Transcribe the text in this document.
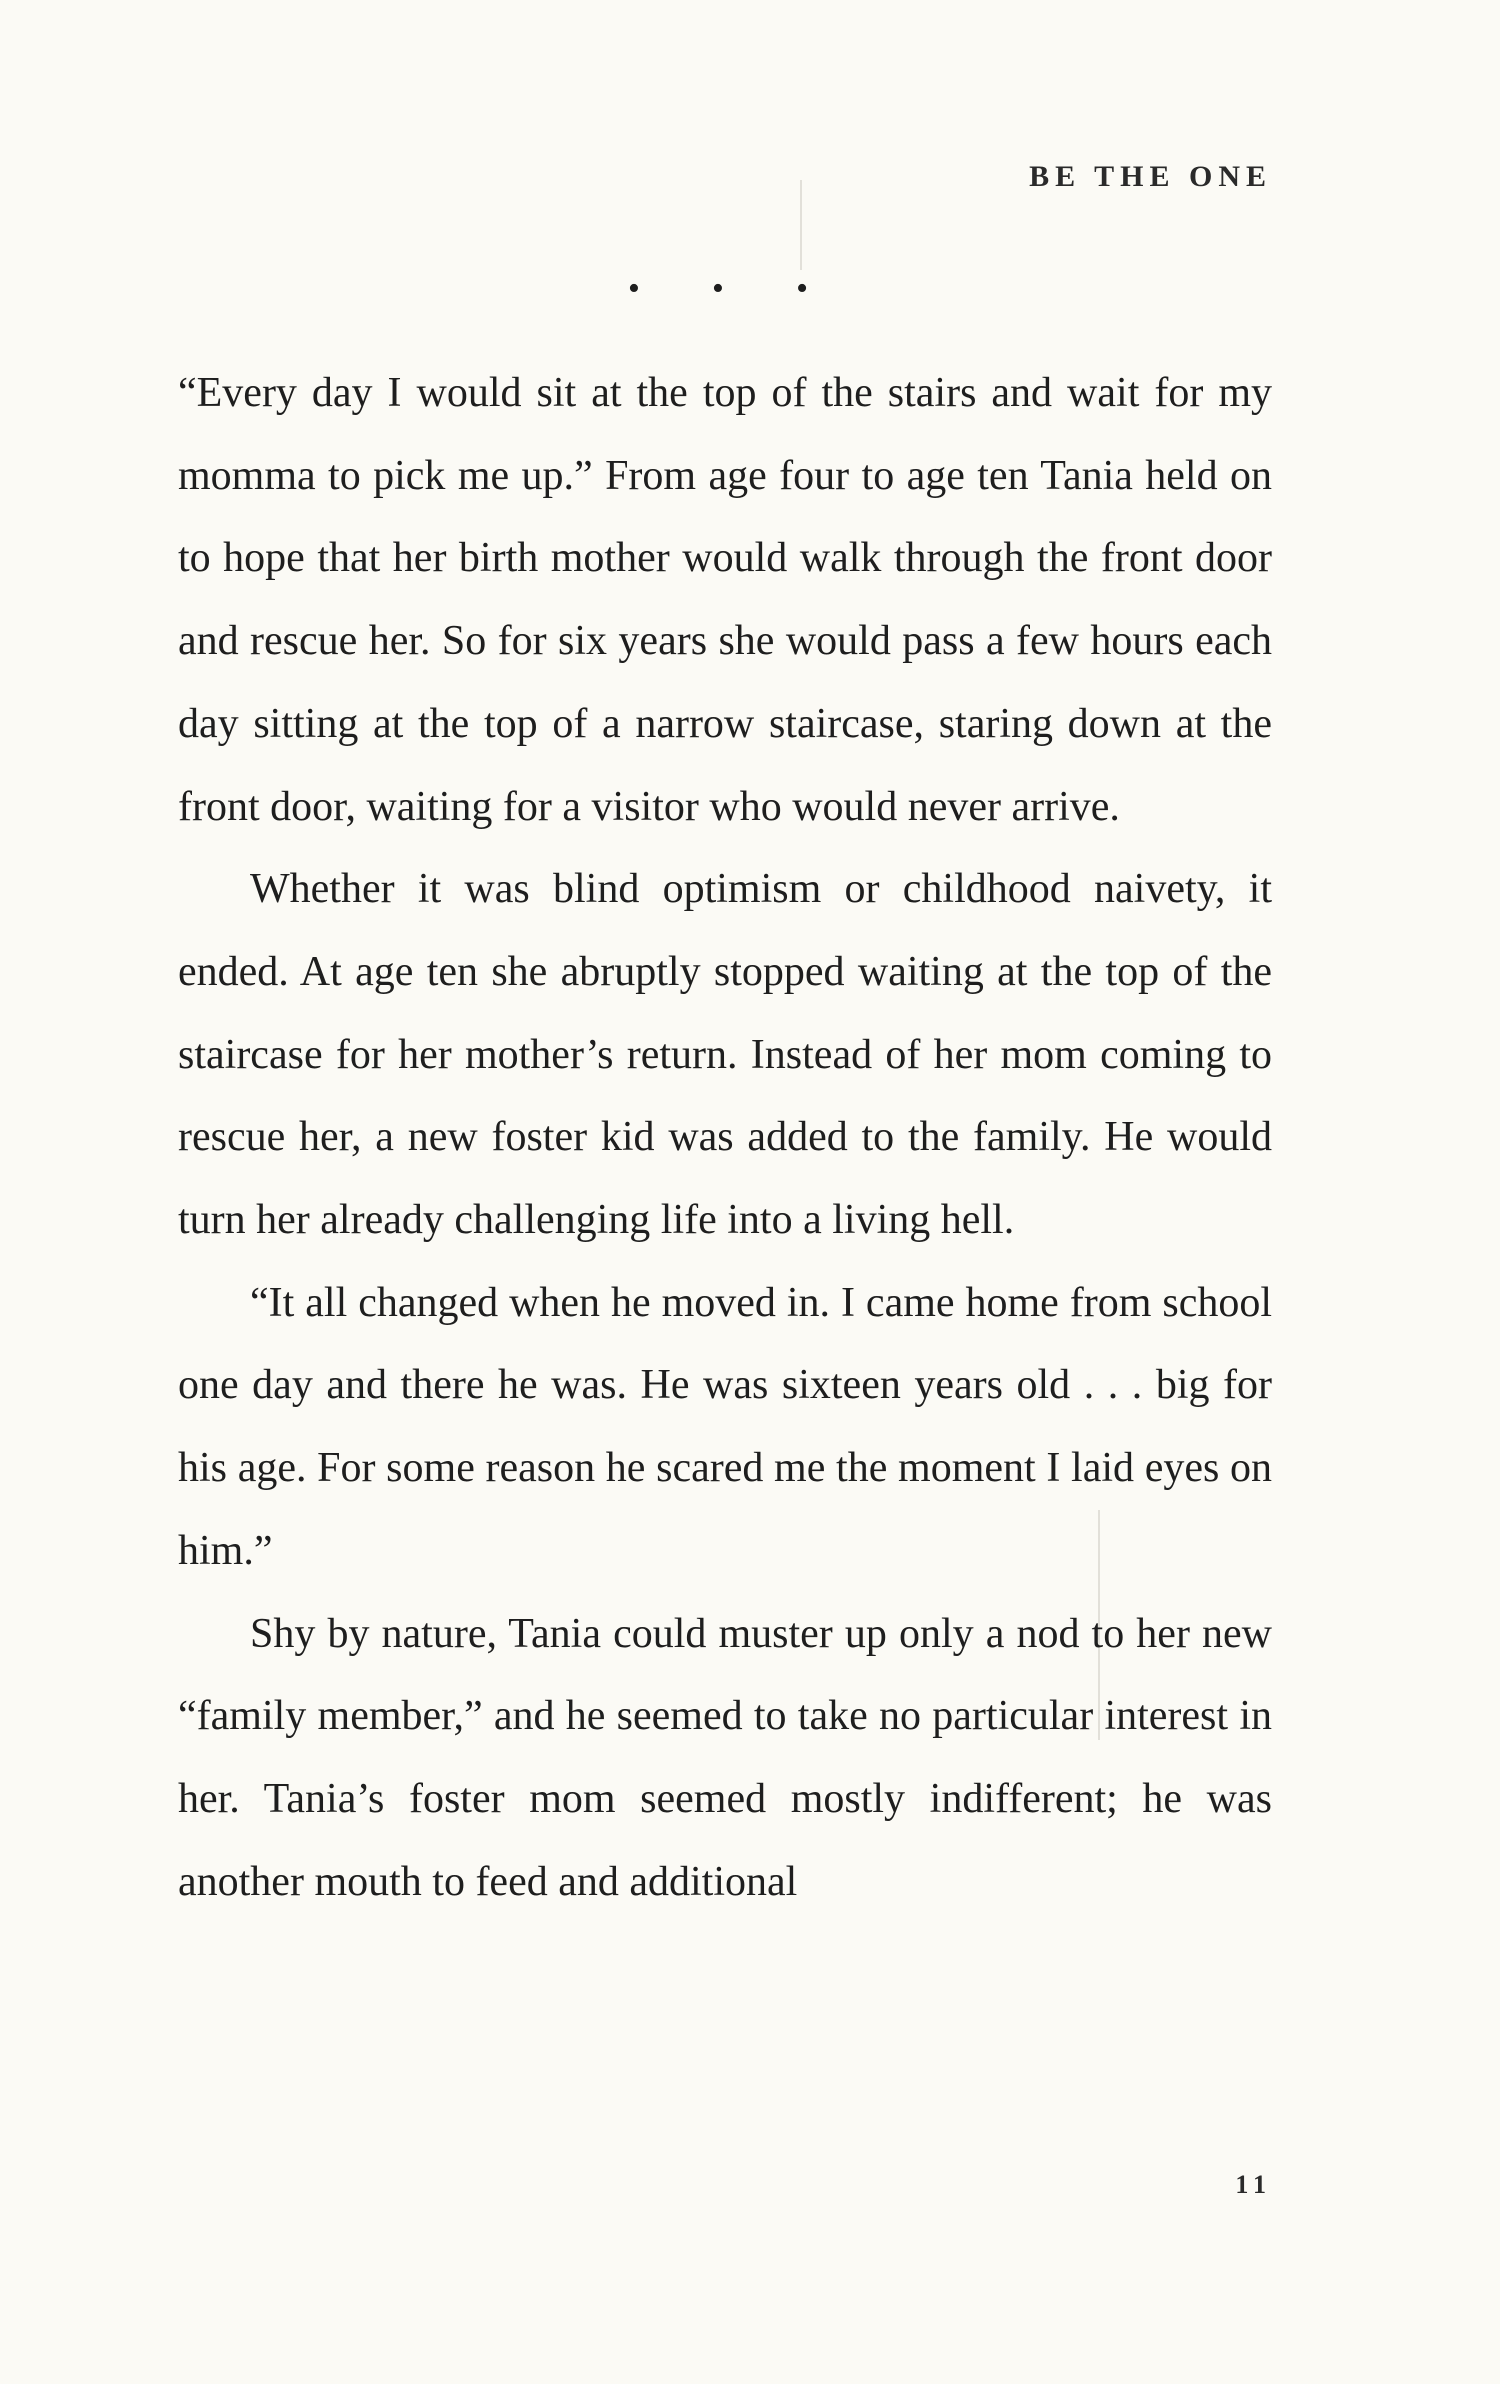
BE THE ONE
• • •

“Every day I would sit at the top of the stairs and wait for my momma to pick me up.” From age four to age ten Tania held on to hope that her birth mother would walk through the front door and rescue her. So for six years she would pass a few hours each day sitting at the top of a narrow staircase, staring down at the front door, waiting for a visitor who would never arrive.

Whether it was blind optimism or childhood naivety, it ended. At age ten she abruptly stopped waiting at the top of the staircase for her mother’s return. Instead of her mom coming to rescue her, a new foster kid was added to the family. He would turn her already challenging life into a living hell.

“It all changed when he moved in. I came home from school one day and there he was. He was sixteen years old . . . big for his age. For some reason he scared me the moment I laid eyes on him.”

Shy by nature, Tania could muster up only a nod to her new “family member,” and he seemed to take no particular interest in her. Tania’s foster mom seemed mostly indifferent; he was another mouth to feed and additional

11
